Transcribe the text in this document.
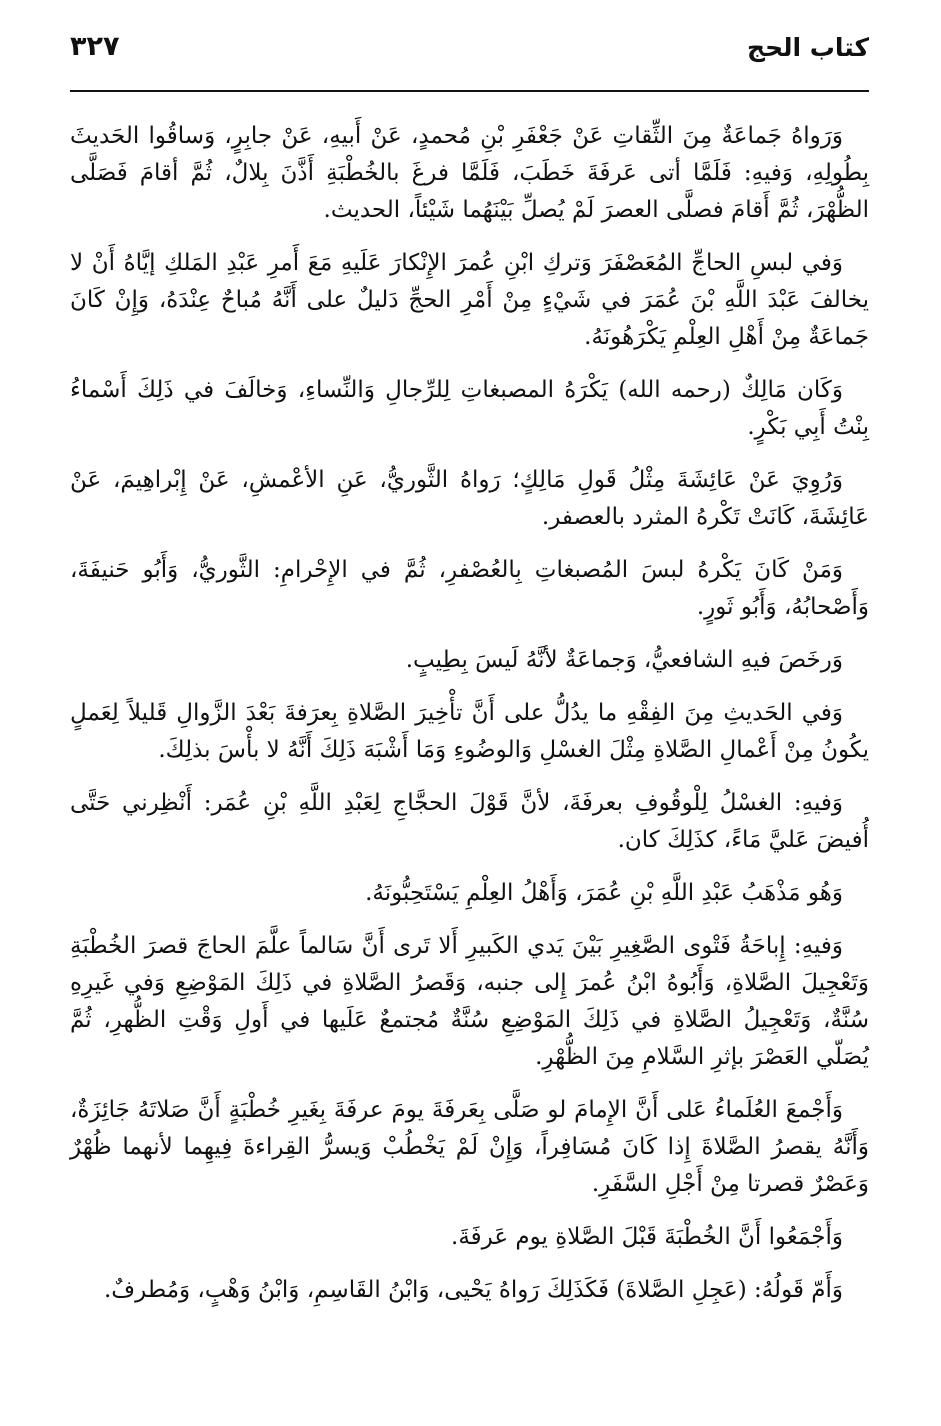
كتاب الحج
٣٢٧

وَرَواهُ جَماعَةٌ مِنَ الثِّقاتِ عَنْ جَعْفَرِ بْنِ مُحمدٍ، عَنْ أَبيهِ، عَنْ جابِرٍ، وَساقُوا الحَديثَ بِطُولِهِ، وَفيهِ: فَلَمَّا أتى عَرفَةَ خَطَبَ، فَلَمَّا فرغَ بالخُطْبَةِ أَذَّنَ بِلالٌ، ثُمَّ أقامَ فَصَلَّى الظُّهْرَ، ثُمَّ أَقامَ فصلَّى العصرَ لَمْ يُصلِّ بَيْنَهُما شَيْئاً، الحديث.

وَفي لبسِ الحاجِّ المُعَصْفَرَ وَتركِ ابْنِ عُمرَ الإِنْكارَ عَلَيهِ مَعَ أَمرِ عَبْدِ المَلكِ إيَّاهُ أَنْ لا يخالفَ عَبْدَ اللَّهِ بْنَ عُمَرَ في شَيْءٍ مِنْ أَمْرِ الحجِّ دَليلٌ على أَنَّهُ مُباحٌ عِنْدَهُ، وَإِنْ كَانَ جَماعَةٌ مِنْ أَهْلِ العِلْمِ يَكْرَهُونَهُ.

وَكَان مَالِكٌ (رحمه الله) يَكْرَهُ المصبغاتِ لِلرِّجالِ وَالنِّساءِ، وَخالَفَ في ذَلِكَ أَسْماءُ بِنْتُ أَبِي بَكْرٍ.

وَرُوِيَ عَنْ عَائِشَةَ مِثْلُ قَولِ مَالِكٍ؛ رَواهُ الثَّوريُّ، عَنِ الأعْمشِ، عَنْ إِبْراهِيمَ، عَنْ عَائِشَةَ، كَانَتْ تَكْرهُ المثرد بالعصفر.

وَمَنْ كَانَ يَكْرهُ لبسَ المُصبغاتِ بِالعُصْفرِ، ثُمَّ في الإِحْرامِ: الثَّوريُّ، وَأَبُو حَنيفَةَ، وَأَصْحابُهُ، وَأَبُو ثَورٍ.

وَرخَصَ فيهِ الشافعيُّ، وَجماعَةٌ لأنَّهُ لَيسَ بِطِيبٍ.

وَفي الحَديثِ مِنَ الفِقْهِ ما يدُلُّ على أَنَّ تأْخِيرَ الصَّلاةِ بِعرَفةَ بَعْدَ الزَّوالِ قَليلاً لِعَملٍ يكُونُ مِنْ أَعْمالِ الصَّلاةِ مِثْلَ الغسْلِ وَالوضُوءِ وَمَا أَشْبَهَ ذَلِكَ أَنَّهُ لا بأْسَ بذلِكَ.

وَفيهِ: الغسْلُ لِلْوقُوفِ بعرفَةَ، لأنَّ قَوْلَ الحجَّاجِ لِعَبْدِ اللَّهِ بْنِ عُمَر: أَنْظِرني حَتَّى أُفيضَ عَليَّ مَاءً، كذَلِكَ كان.

وَهُو مَذْهَبُ عَبْدِ اللَّهِ بْنِ عُمَرَ، وَأَهْلُ العِلْمِ يَسْتَحِبُّونَهُ.

وَفيهِ: إِباحَةُ فَتْوى الصَّغِيرِ بَيْنَ يَدي الكَبيرِ أَلا تَرى أَنَّ سَالماً علَّمَ الحاجَ قصرَ الخُطْبَةِ وَتَعْجِيلَ الصَّلاةِ، وَأَبُوهُ ابْنُ عُمرَ إِلى جنبه، وَقَصرُ الصَّلاةِ في ذَلِكَ المَوْضِعِ وَفي غَيرِهِ سُنَّةٌ، وَتَعْجِيلُ الصَّلاةِ في ذَلِكَ المَوْضِعِ سُنَّةٌ مُجتمعٌ عَلَيها في أَولِ وَقْتِ الظُّهرِ، ثُمَّ يُصَلّي العَصْرَ بإثرِ السَّلامِ مِنَ الظُّهْرِ.

وَأَجْمعَ العُلَماءُ عَلى أَنَّ الإِمامَ لو صَلَّى بِعَرفَةَ يومَ عرفَةَ بِغَيرِ خُطْبَةٍ أَنَّ صَلاتَهُ جَائِزَةٌ، وَأَنَّهُ يقصرُ الصَّلاةَ إِذا كَانَ مُسَافِراً، وَإِنْ لَمْ يَخْطُبْ وَيسرُّ القِراءةَ فِيهِما لأنهما ظُهْرٌ وَعَصْرٌ قصرتا مِنْ أَجْلِ السَّفَرِ.

وَأَجْمَعُوا أَنَّ الخُطْبَةَ قَبْلَ الصَّلاةِ يوم عَرفَةَ.

وَأَمّ قَولُهُ: (عَجِلِ الصَّلاةَ) فَكَذَلِكَ رَواهُ يَحْيى، وَابْنُ القَاسِمِ، وَابْنُ وَهْبٍ، وَمُطرفٌ.
